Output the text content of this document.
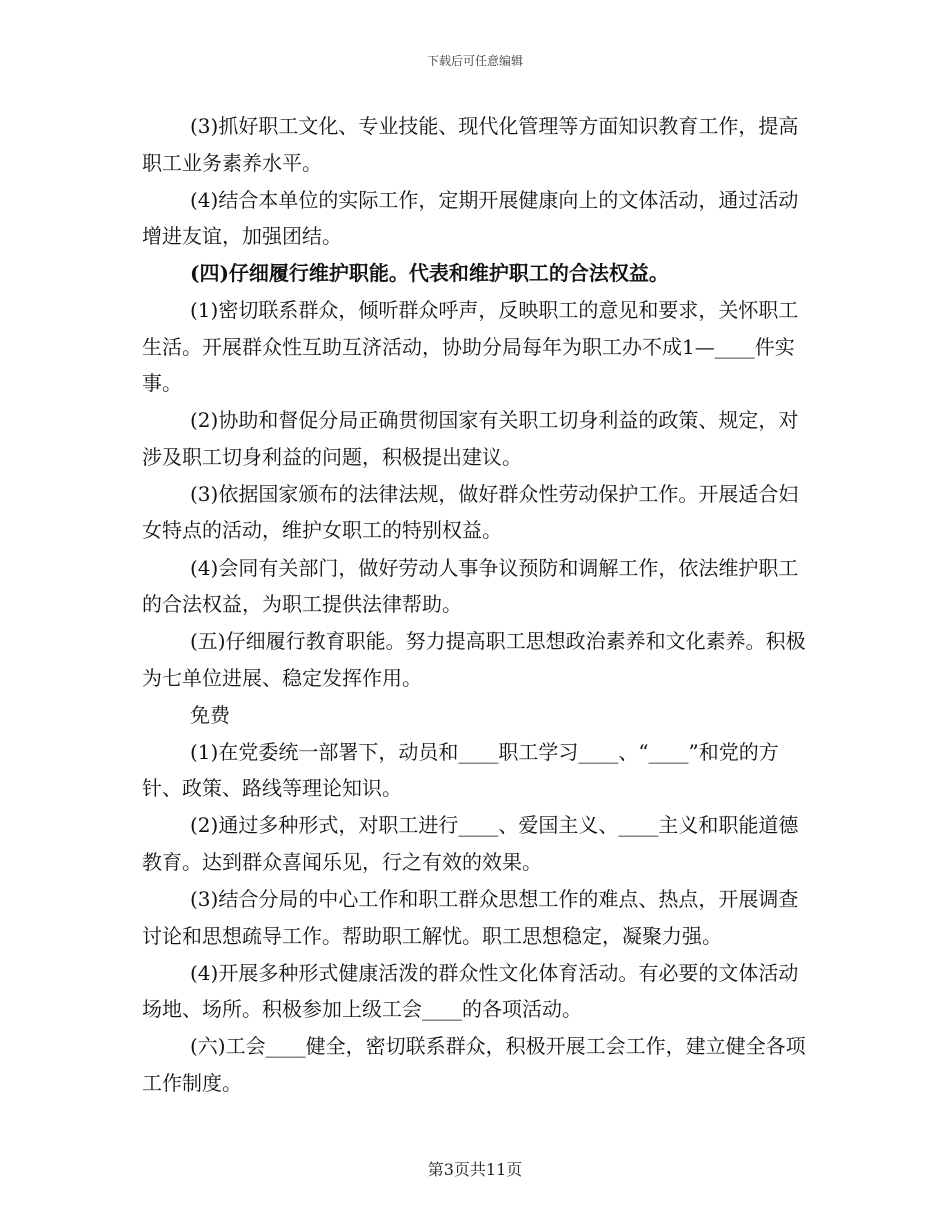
下载后可任意编辑

(3)抓好职工文化、专业技能、现代化管理等方面知识教育工作，提高职工业务素养水平。

(4)结合本单位的实际工作，定期开展健康向上的文体活动，通过活动增进友谊，加强团结。

(四)仔细履行维护职能。代表和维护职工的合法权益。

(1)密切联系群众，倾听群众呼声，反映职工的意见和要求，关怀职工生活。开展群众性互助互济活动，协助分局每年为职工办不成1—____件实事。

(2)协助和督促分局正确贯彻国家有关职工切身利益的政策、规定，对涉及职工切身利益的问题，积极提出建议。

(3)依据国家颁布的法律法规，做好群众性劳动保护工作。开展适合妇女特点的活动，维护女职工的特别权益。

(4)会同有关部门，做好劳动人事争议预防和调解工作，依法维护职工的合法权益，为职工提供法律帮助。

(五)仔细履行教育职能。努力提高职工思想政治素养和文化素养。积极为七单位进展、稳定发挥作用。

免费

(1)在党委统一部署下，动员和____职工学习____、“____”和党的方针、政策、路线等理论知识。

(2)通过多种形式，对职工进行____、爱国主义、____主义和职能道德教育。达到群众喜闻乐见，行之有效的效果。

(3)结合分局的中心工作和职工群众思想工作的难点、热点，开展调查讨论和思想疏导工作。帮助职工解忧。职工思想稳定，凝聚力强。

(4)开展多种形式健康活泼的群众性文化体育活动。有必要的文体活动场地、场所。积极参加上级工会____的各项活动。

(六)工会____健全，密切联系群众，积极开展工会工作，建立健全各项工作制度。

第3页共11页
